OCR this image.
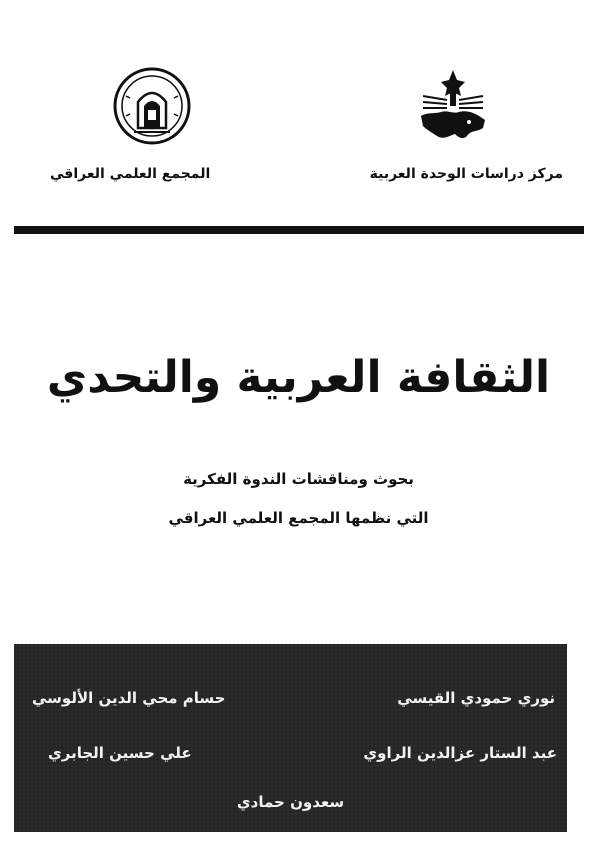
مركز دراسات الوحدة العربية
المجمع العلمي العراقي
الثقافة العربية والتحدي
بحوث ومناقشات الندوة الفكرية
التي نظمها المجمع العلمي العراقي
نوري حمودي القيسي
حسام محي الدين الألوسي
عبد الستار عزالدين الراوي
علي حسين الجابري
سعدون حمادي
